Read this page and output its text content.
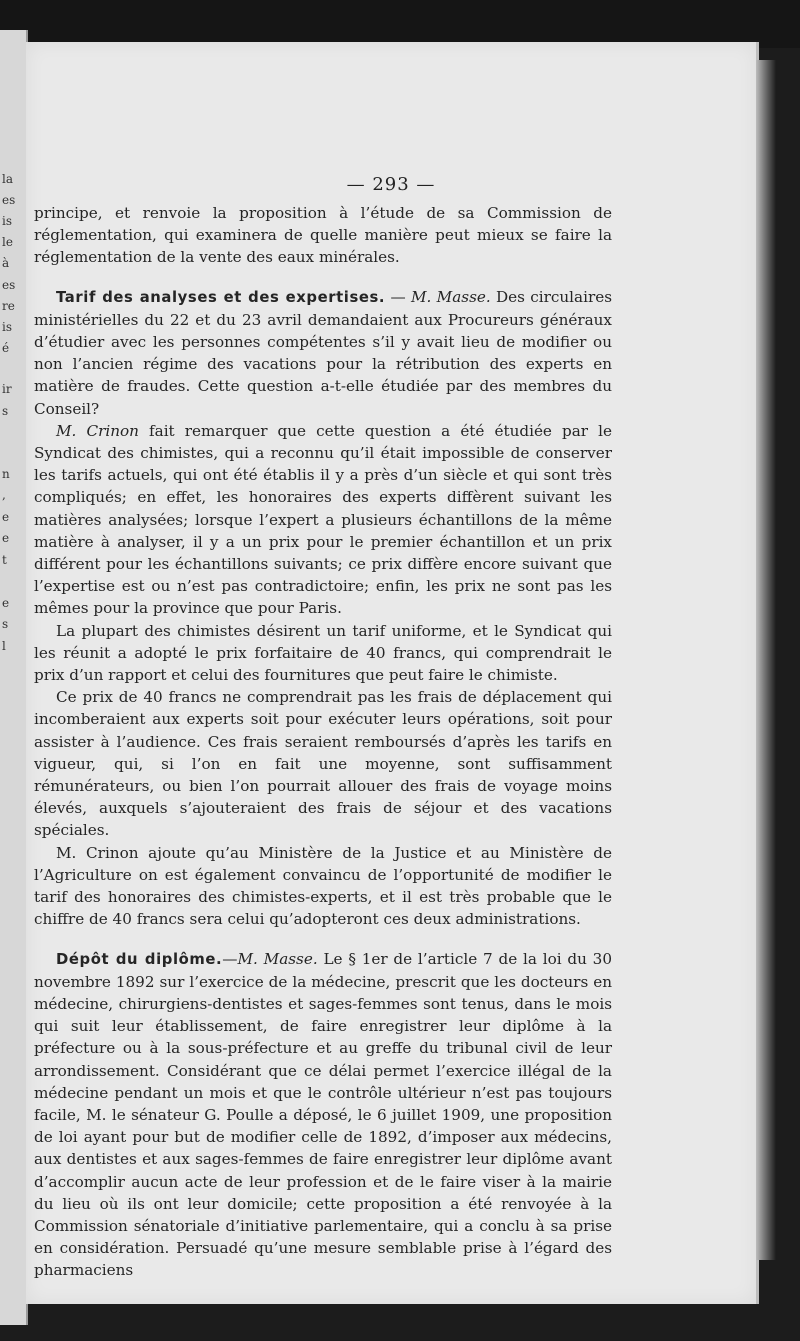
la
es
is
le
à
es
re
is
é
ir
s
n
,
e
e
t
e
s
l
— 293 —

principe, et renvoie la proposition à l’étude de sa Commission de réglementation, qui examinera de quelle manière peut mieux se faire la réglementation de la vente des eaux minérales.

Tarif des analyses et des expertises. — M. Masse. Des circulaires ministérielles du 22 et du 23 avril demandaient aux Procureurs généraux d’étudier avec les personnes compétentes s’il y avait lieu de modifier ou non l’ancien régime des vacations pour la rétribution des experts en matière de fraudes. Cette question a-t-elle étudiée par des membres du Conseil?

M. Crinon fait remarquer que cette question a été étudiée par le Syndicat des chimistes, qui a reconnu qu’il était impossible de conserver les tarifs actuels, qui ont été établis il y a près d’un siècle et qui sont très compliqués; en effet, les honoraires des experts diffèrent suivant les matières analysées; lorsque l’expert a plusieurs échantillons de la même matière à analyser, il y a un prix pour le premier échantillon et un prix différent pour les échantillons suivants; ce prix diffère encore suivant que l’expertise est ou n’est pas contradictoire; enfin, les prix ne sont pas les mêmes pour la province que pour Paris.

La plupart des chimistes désirent un tarif uniforme, et le Syndicat qui les réunit a adopté le prix forfaitaire de 40 francs, qui comprendrait le prix d’un rapport et celui des fournitures que peut faire le chimiste.

Ce prix de 40 francs ne comprendrait pas les frais de déplacement qui incomberaient aux experts soit pour exécuter leurs opérations, soit pour assister à l’audience. Ces frais seraient remboursés d’après les tarifs en vigueur, qui, si l’on en fait une moyenne, sont suffisamment rémunérateurs, ou bien l’on pourrait allouer des frais de voyage moins élevés, auxquels s’ajouteraient des frais de séjour et des vacations spéciales.

M. Crinon ajoute qu’au Ministère de la Justice et au Ministère de l’Agriculture on est également convaincu de l’opportunité de modifier le tarif des honoraires des chimistes-experts, et il est très probable que le chiffre de 40 francs sera celui qu’adopteront ces deux administrations.

Dépôt du diplôme.—M. Masse. Le § 1er de l’article 7 de la loi du 30 novembre 1892 sur l’exercice de la médecine, prescrit que les docteurs en médecine, chirurgiens-dentistes et sages-femmes sont tenus, dans le mois qui suit leur établissement, de faire enregistrer leur diplôme à la préfecture ou à la sous-préfecture et au greffe du tribunal civil de leur arrondissement. Considérant que ce délai permet l’exercice illégal de la médecine pendant un mois et que le contrôle ultérieur n’est pas toujours facile, M. le sénateur G. Poulle a déposé, le 6 juillet 1909, une proposition de loi ayant pour but de modifier celle de 1892, d’imposer aux médecins, aux dentistes et aux sages-femmes de faire enregistrer leur diplôme avant d’accomplir aucun acte de leur profession et de le faire viser à la mairie du lieu où ils ont leur domicile; cette proposition a été renvoyée à la Commission sénatoriale d’initiative parlementaire, qui a conclu à sa prise en considération. Persuadé qu’une mesure semblable prise à l’égard des pharmaciens
